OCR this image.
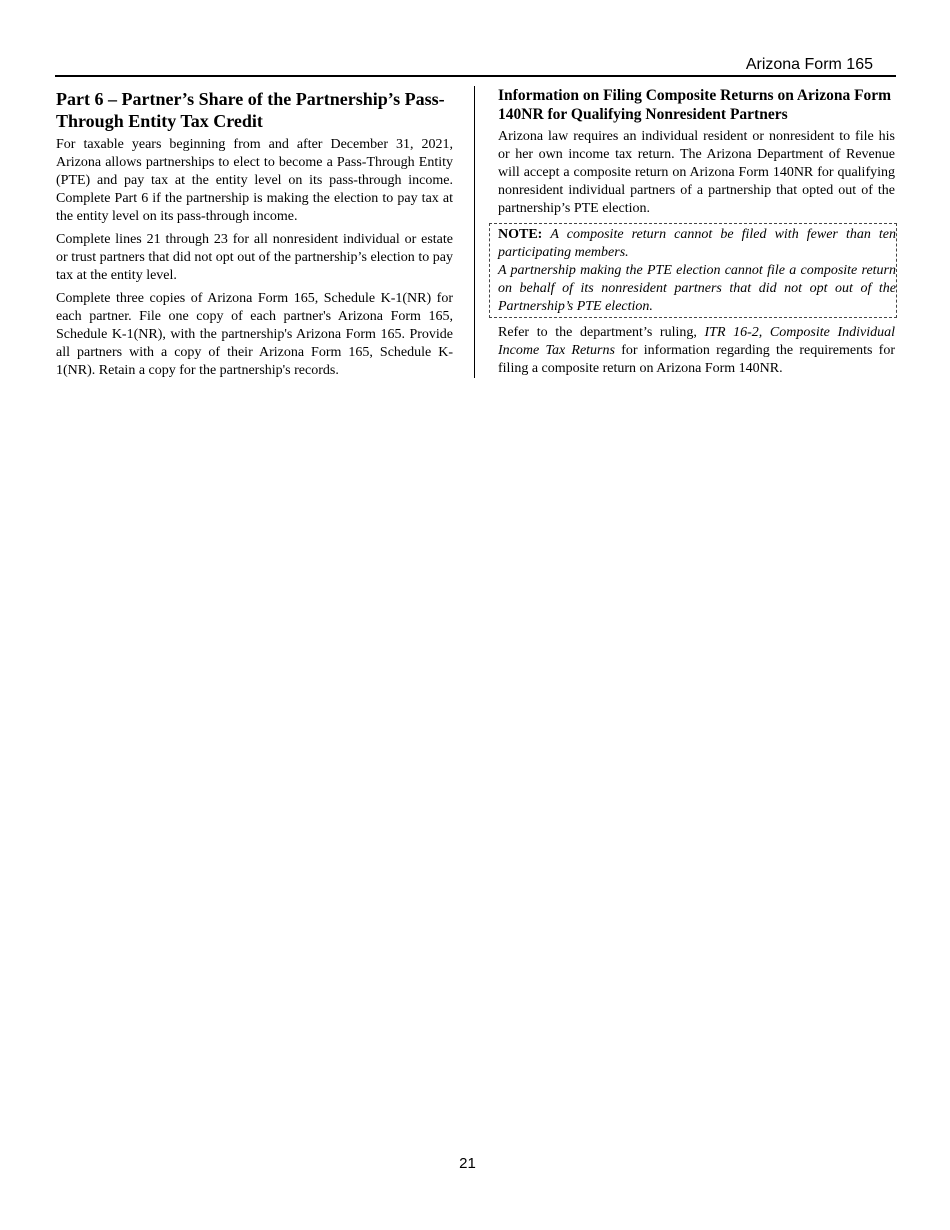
Arizona Form 165
Part 6 – Partner’s Share of the Partnership’s Pass-Through Entity Tax Credit

For taxable years beginning from and after December 31, 2021, Arizona allows partnerships to elect to become a Pass-Through Entity (PTE) and pay tax at the entity level on its pass-through income. Complete Part 6 if the partnership is making the election to pay tax at the entity level on its pass-through income.

Complete lines 21 through 23 for all nonresident individual or estate or trust partners that did not opt out of the partnership’s election to pay tax at the entity level.

Complete three copies of Arizona Form 165, Schedule K-1(NR) for each partner. File one copy of each partner's Arizona Form 165, Schedule K-1(NR), with the partnership's Arizona Form 165. Provide all partners with a copy of their Arizona Form 165, Schedule K-1(NR). Retain a copy for the partnership's records.

Information on Filing Composite Returns on Arizona Form 140NR for Qualifying Nonresident Partners

Arizona law requires an individual resident or nonresident to file his or her own income tax return. The Arizona Department of Revenue will accept a composite return on Arizona Form 140NR for qualifying nonresident individual partners of a partnership that opted out of the partnership’s PTE election.

NOTE: A composite return cannot be filed with fewer than ten participating members.

A partnership making the PTE election cannot file a composite return on behalf of its nonresident partners that did not opt out of the Partnership’s PTE election.

Refer to the department’s ruling, ITR 16-2, Composite Individual Income Tax Returns for information regarding the requirements for filing a composite return on Arizona Form 140NR.

21
